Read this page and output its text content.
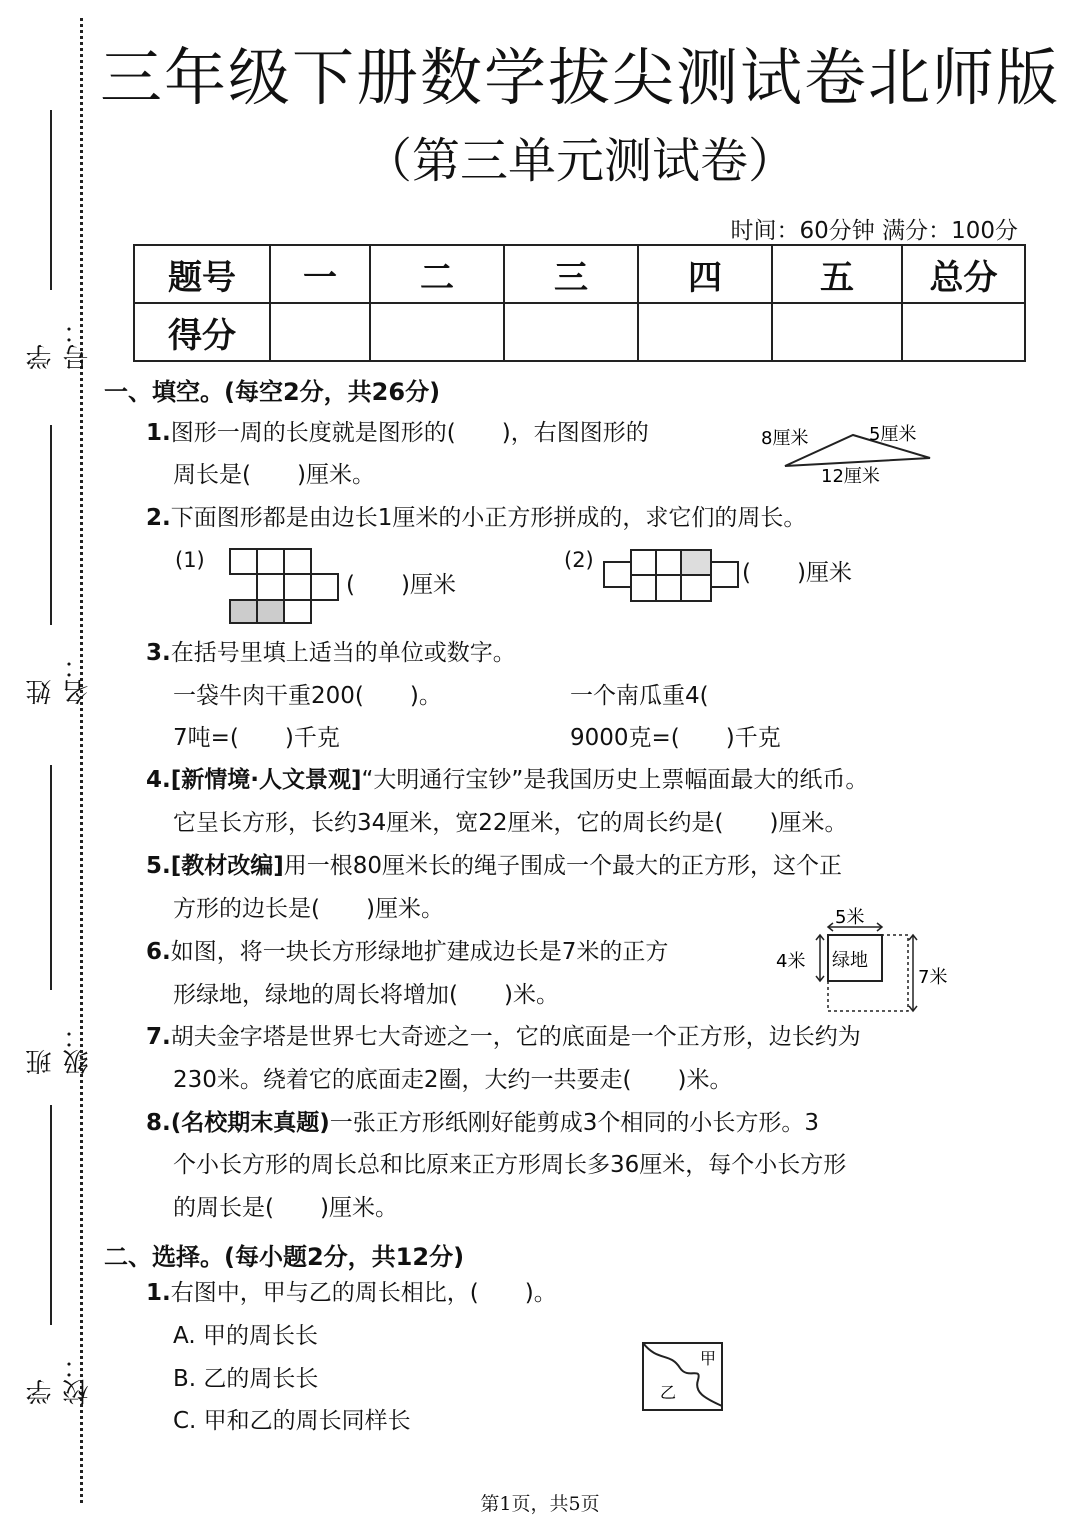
学号：
姓名：
班级：
学校：
三年级下册数学拔尖测试卷北师版
（第三单元测试卷）
时间：60分钟 满分：100分
题号	一	二	三	四	五	总分
得分						
一、填空。(每空2分，共26分)
1.图形一周的长度就是图形的(　　)，右图图形的
周长是(　　)厘米。
8厘米	5厘米
12厘米
2.下面图形都是由边长1厘米的小正方形拼成的，求它们的周长。
(1)
(　　)厘米
(2)	(　　)厘米
3.在括号里填上适当的单位或数字。
一袋牛肉干重200(　　)。	一个南瓜重4(
7吨=(　　)千克	9000克=(　　)千克
4.[新情境·人文景观]“大明通行宝钞”是我国历史上票幅面最大的纸币。
它呈长方形，长约34厘米，宽22厘米，它的周长约是(　　)厘米。
5.[教材改编]用一根80厘米长的绳子围成一个最大的正方形，这个正
方形的边长是(　　)厘米。
6.如图，将一块长方形绿地扩建成边长是7米的正方
形绿地，绿地的周长将增加(　　)米。
5米
绿地
4米
7米
7.胡夫金字塔是世界七大奇迹之一，它的底面是一个正方形，边长约为
230米。绕着它的底面走2圈，大约一共要走(　　)米。
8.(名校期末真题)一张正方形纸刚好能剪成3个相同的小长方形。3
个小长方形的周长总和比原来正方形周长多36厘米，每个小长方形
的周长是(　　)厘米。
二、选择。(每小题2分，共12分)
1.右图中，甲与乙的周长相比，(　　)。
A. 甲的周长长
B. 乙的周长长
C. 甲和乙的周长同样长
甲
乙
第1页，共5页
